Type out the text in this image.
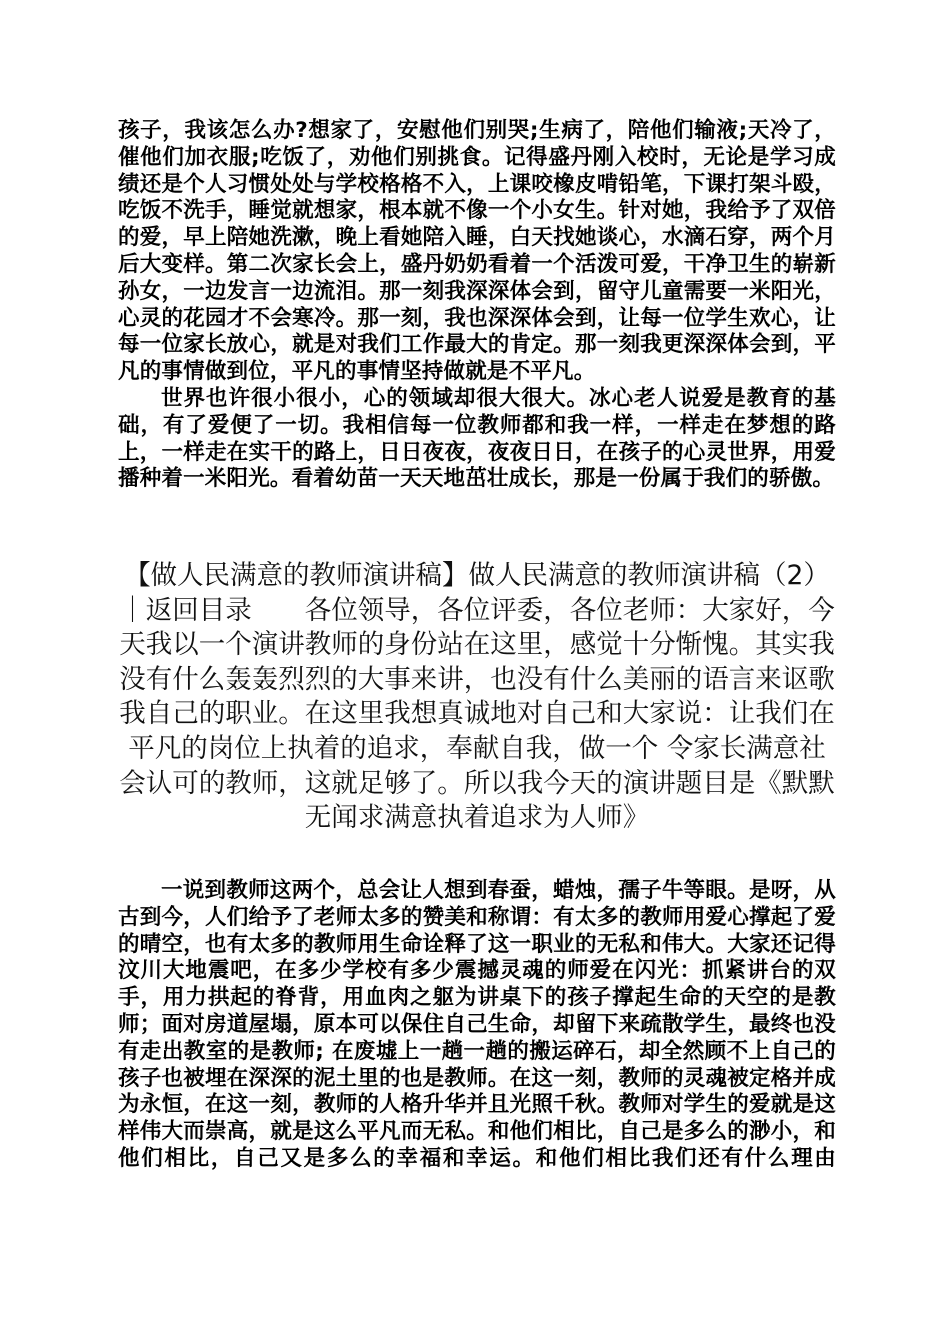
孩子，我该怎么办?想家了，安慰他们别哭;生病了，陪他们输液;天冷了，催他们加衣服;吃饭了，劝他们别挑食。记得盛丹刚入校时，无论是学习成绩还是个人习惯处处与学校格格不入，上课咬橡皮啃铅笔，下课打架斗殴，吃饭不洗手，睡觉就想家，根本就不像一个小女生。针对她，我给予了双倍的爱，早上陪她洗漱，晚上看她陪入睡，白天找她谈心，水滴石穿，两个月后大变样。第二次家长会上，盛丹奶奶看着一个活泼可爱，干净卫生的崭新孙女，一边发言一边流泪。那一刻我深深体会到，留守儿童需要一米阳光，心灵的花园才不会寒冷。那一刻，我也深深体会到，让每一位学生欢心，让每一位家长放心，就是对我们工作最大的肯定。那一刻我更深深体会到，平凡的事情做到位，平凡的事情坚持做就是不平凡。

世界也许很小很小，心的领域却很大很大。冰心老人说爱是教育的基础，有了爱便了一切。我相信每一位教师都和我一样，一样走在梦想的路上，一样走在实干的路上，日日夜夜，夜夜日日，在孩子的心灵世界，用爱播种着一米阳光。看着幼苗一天天地茁壮成长，那是一份属于我们的骄傲。

【做人民满意的教师演讲稿】做人民满意的教师演讲稿（2）｜返回目录　　各位领导，各位评委，各位老师：大家好，今天我以一个演讲教师的身份站在这里，感觉十分惭愧。其实我没有什么轰轰烈烈的大事来讲，也没有什么美丽的语言来讴歌我自己的职业。在这里我想真诚地对自己和大家说：让我们在平凡的岗位上执着的追求，奉献自我，做一个 令家长满意社会认可的教师，这就足够了。所以我今天的演讲题目是《默默无闻求满意执着追求为人师》

一说到教师这两个，总会让人想到春蚕，蜡烛，孺子牛等眼。是呀，从古到今，人们给予了老师太多的赞美和称谓：有太多的教师用爱心撑起了爱的晴空，也有太多的教师用生命诠释了这一职业的无私和伟大。大家还记得 汶川大地震吧，在多少学校有多少震撼灵魂的师爱在闪光：抓紧讲台的双手，用力拱起的脊背，用血肉之躯为讲桌下的孩子撑起生命的天空的是教师；面对房道屋塌，原本可以保住自己生命，却留下来疏散学生，最终也没有走出教室的是教师; 在废墟上一趟一趟的搬运碎石，却全然顾不上自己的孩子也被埋在深深的泥土里的也是教师。在这一刻，教师的灵魂被定格并成为永恒，在这一刻，教师的人格升华并且光照千秋。教师对学生的爱就是这样伟大而崇高，就是这么平凡而无私。和他们相比，自己是多么的渺小，和他们相比，自己又是多么的幸福和幸运。和他们相比我们还有什么理由
